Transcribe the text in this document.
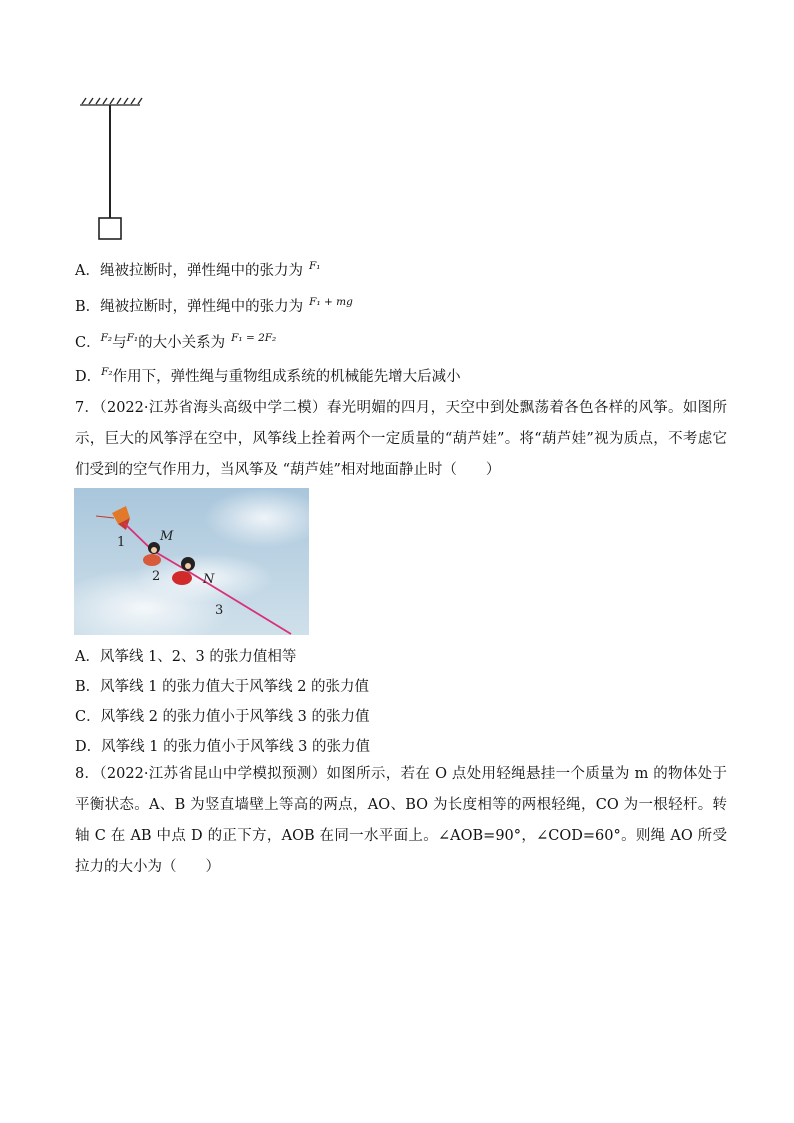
A．绳被拉断时，弹性绳中的张力为 $^{F_1}$
B．绳被拉断时，弹性绳中的张力为 $^{F_1 + mg}$
C．$^{F_2}$与$^{F_1}$的大小关系为 $^{F_1 = 2F_2}$
D．$^{F_2}$作用下，弹性绳与重物组成系统的机械能先增大后减小
7．（2022·江苏省海头高级中学二模）春光明媚的四月，天空中到处飘荡着各色各样的风筝。如图所示，巨大的风筝浮在空中，风筝线上拴着两个一定质量的“葫芦娃”。将“葫芦娃”视为质点，不考虑它们受到的空气作用力，当风筝及 “葫芦娃”相对地面静止时（　　）
1
2
3
M
N
A．风筝线 1、2、3 的张力值相等
B．风筝线 1 的张力值大于风筝线 2 的张力值
C．风筝线 2 的张力值小于风筝线 3 的张力值
D．风筝线 1 的张力值小于风筝线 3 的张力值
8．（2022·江苏省昆山中学模拟预测）如图所示，若在 O 点处用轻绳悬挂一个质量为 m 的物体处于平衡状态。A、B 为竖直墙壁上等高的两点，AO、BO 为长度相等的两根轻绳，CO 为一根轻杆。转轴 C 在 AB 中点 D 的正下方，AOB 在同一水平面上。∠AOB=90°，∠COD=60°。则绳 AO 所受拉力的大小为（　　）
